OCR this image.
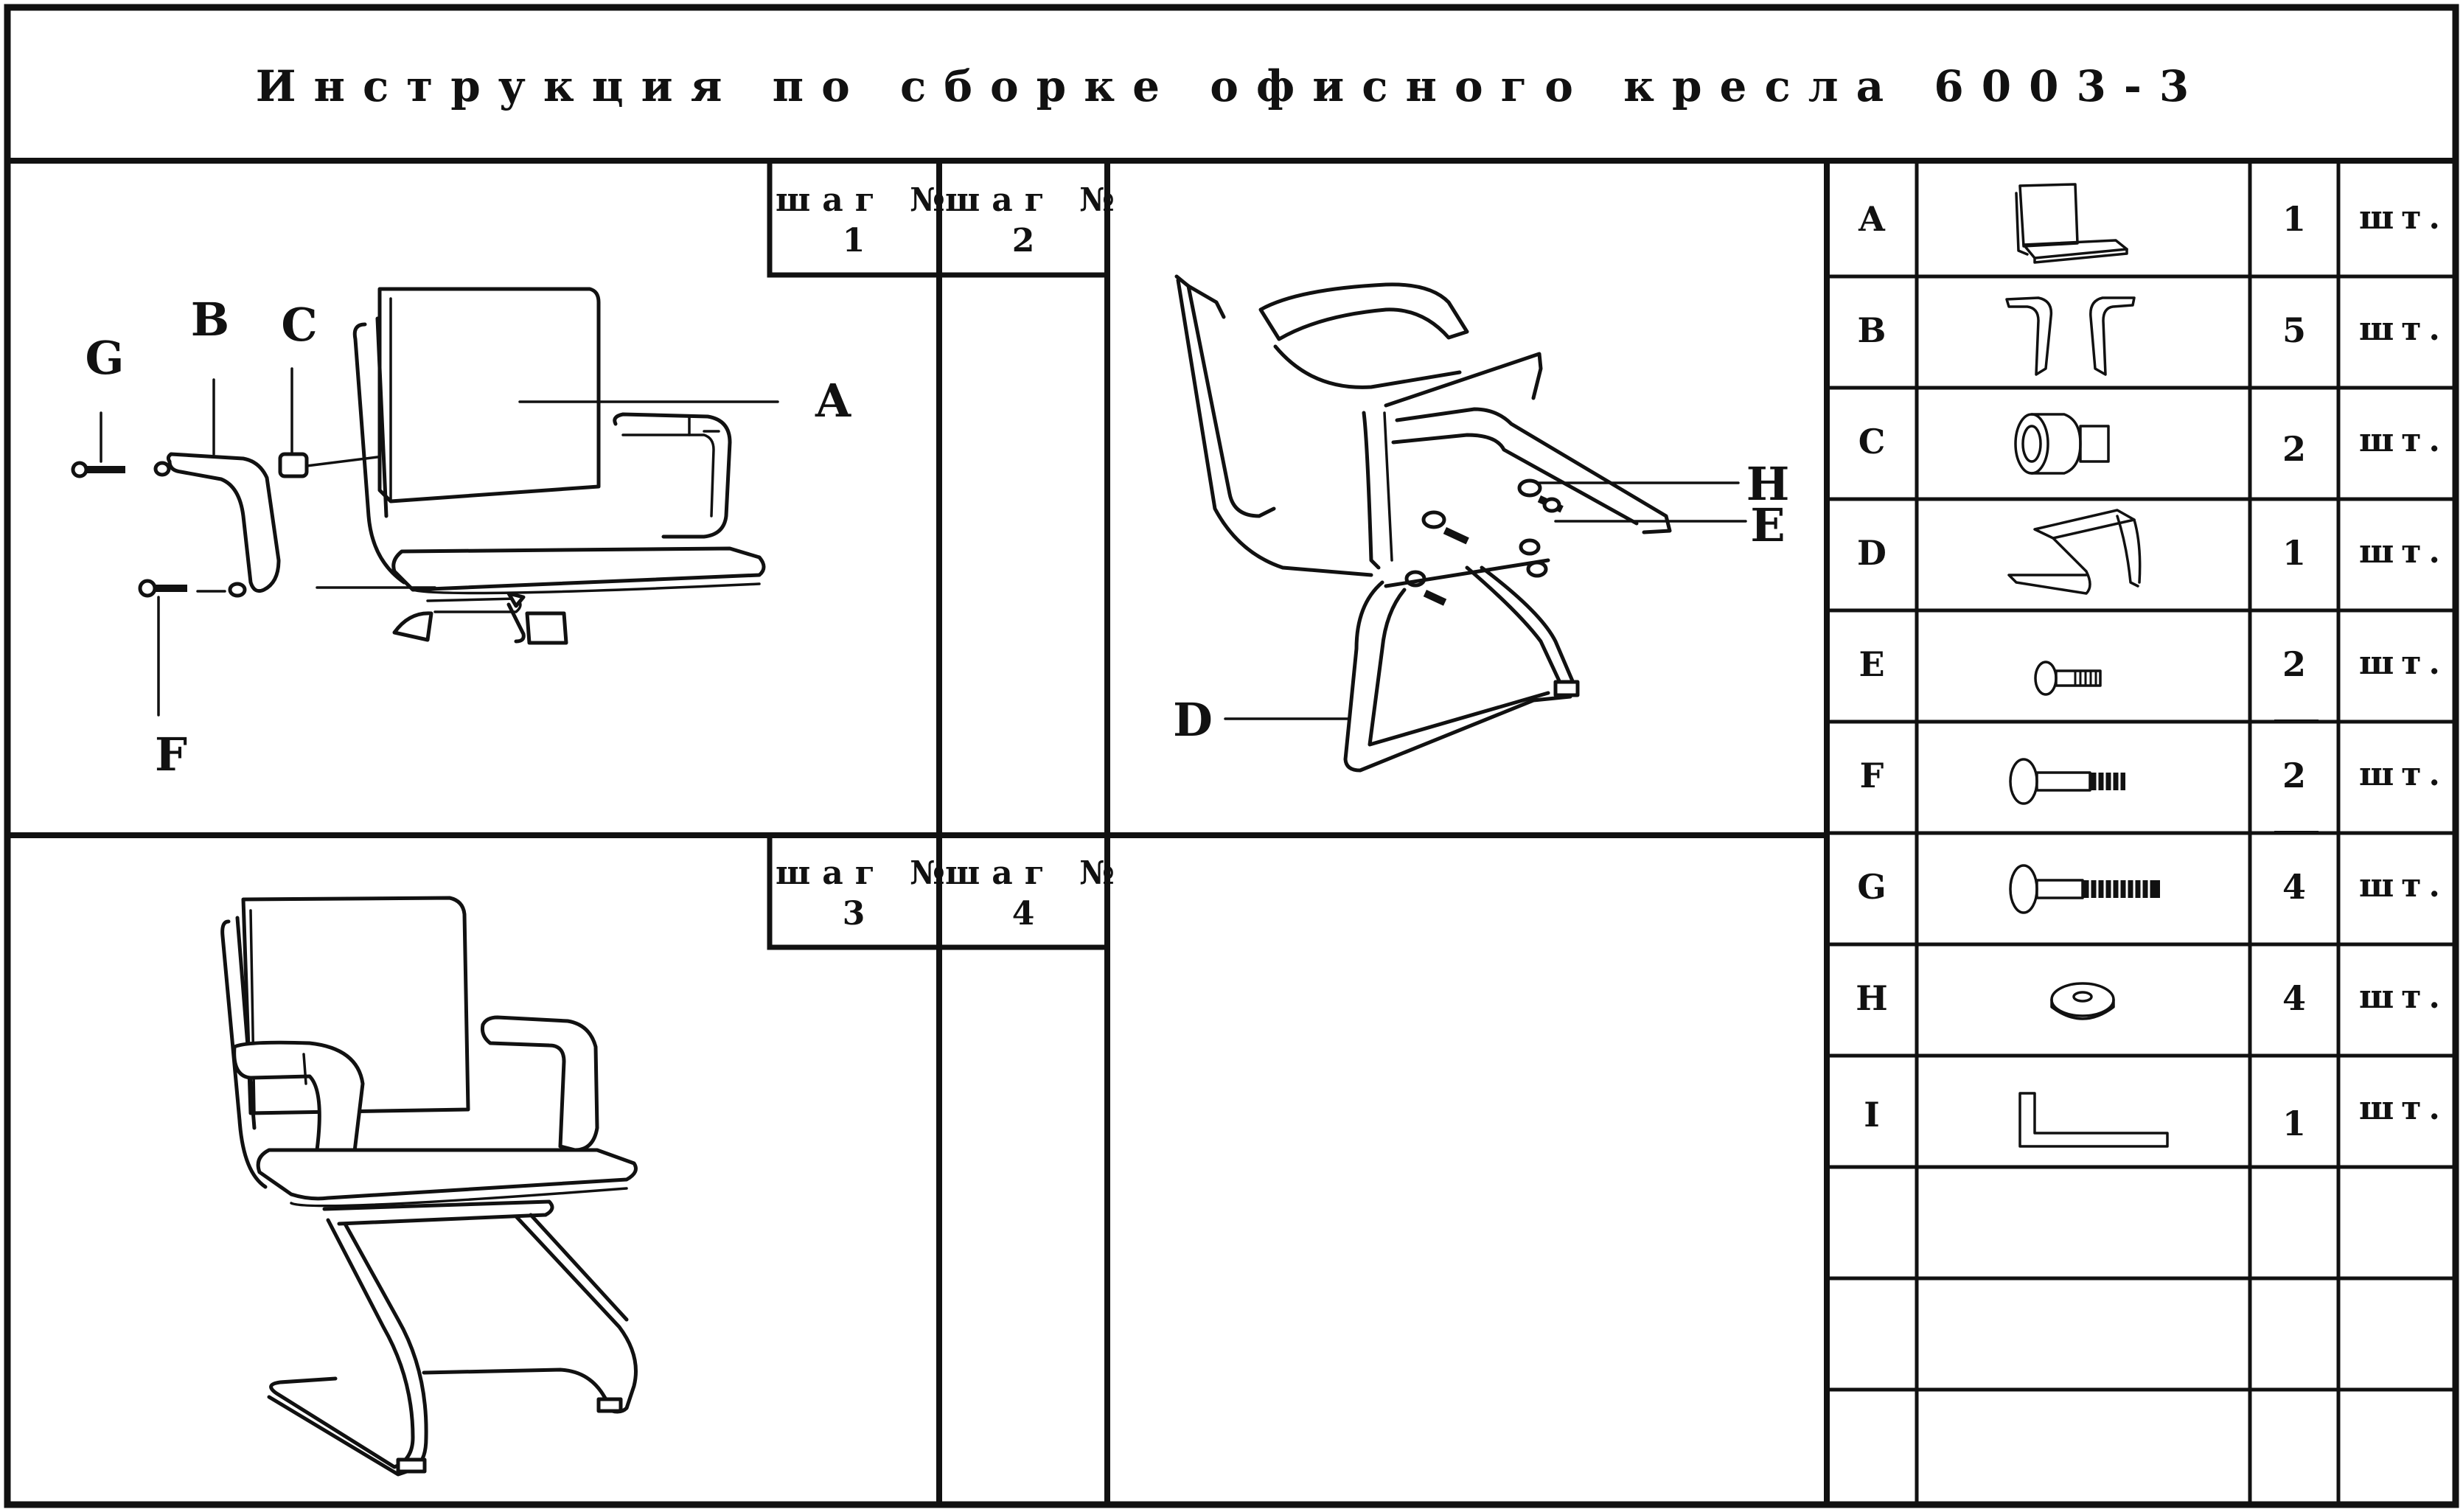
Инструкция по сборке офисного кресла 6003-3
шаг №
1
шаг №
2
шаг №
3
шаг №
4
A
B C
G
F
H
E
D
A	1 шт.
B	5 шт.
C	2 шт.
D	1 шт.
E	2 шт.
F	2 шт.
G	4 шт.
H	4 шт.
I	1 шт.
